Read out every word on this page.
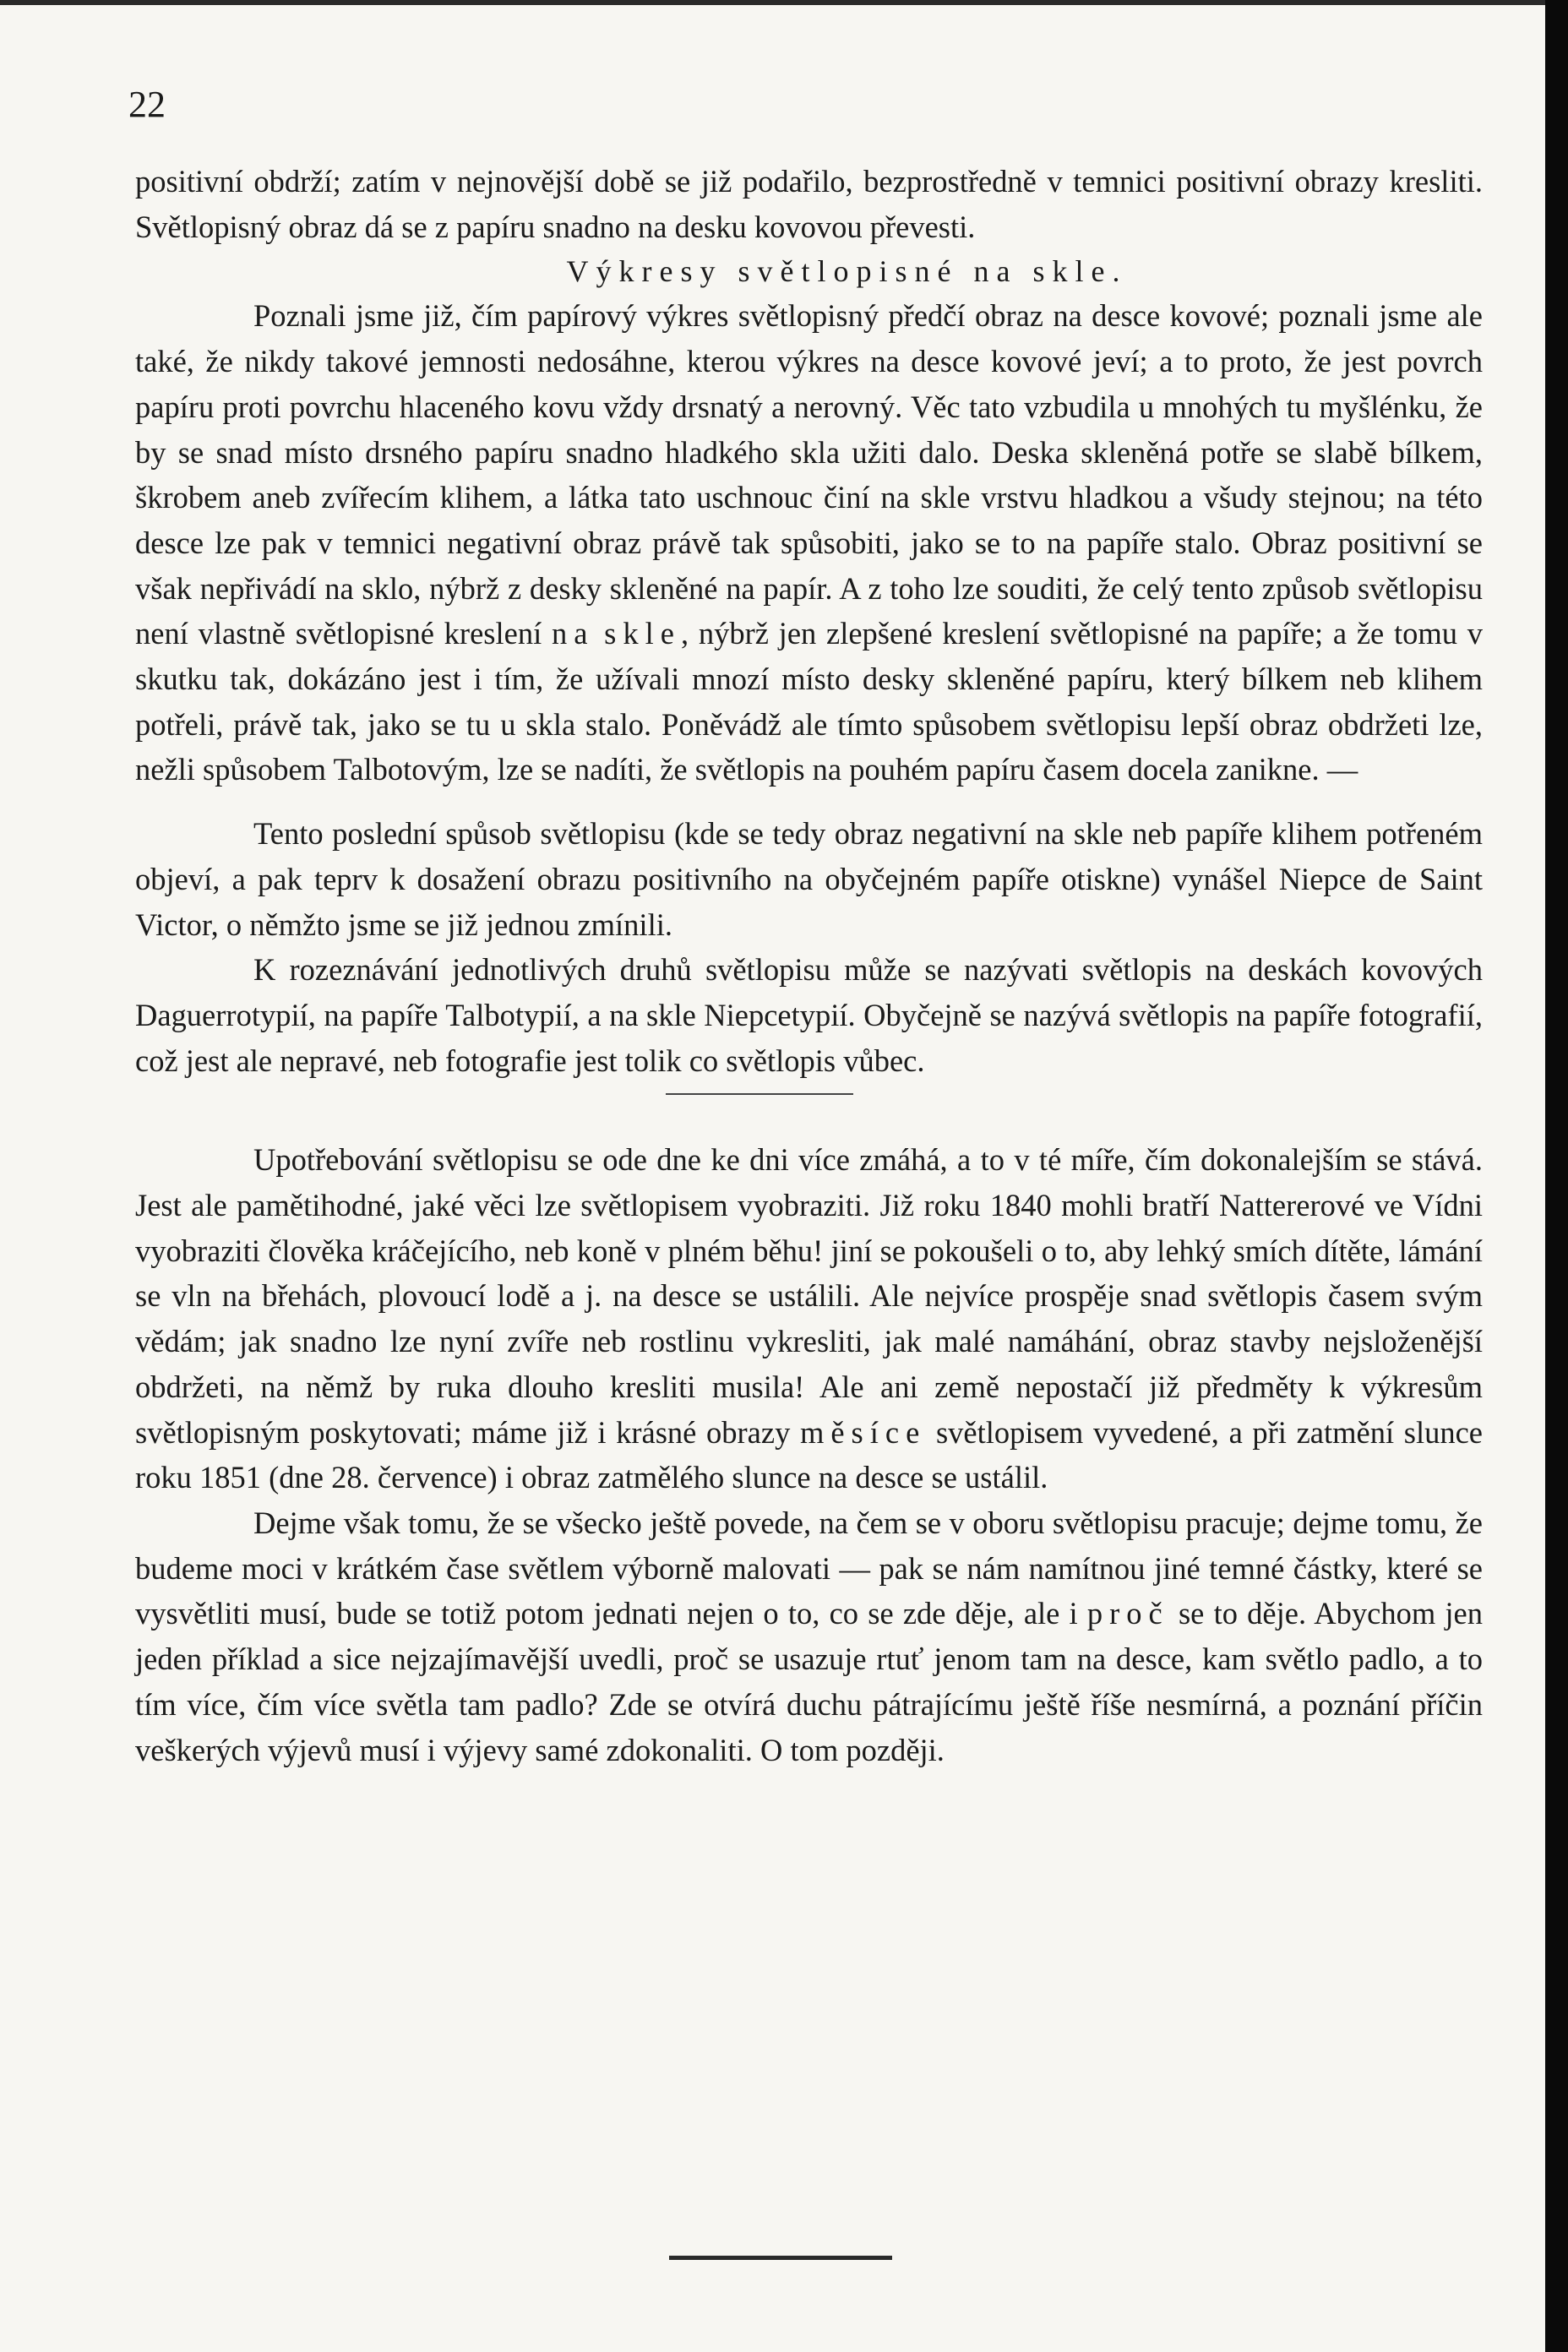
22

positivní obdrží; zatím v nejnovější době se již podařilo, bezprostředně v temnici positivní obrazy kresliti. Světlopisný obraz dá se z papíru snadno na desku kovovou převesti.

Výkresy světlopisné na skle.

Poznali jsme již, čím papírový výkres světlopisný předčí obraz na desce kovové; poznali jsme ale také, že nikdy takové jemnosti nedosáhne, kterou výkres na desce kovové jeví; a to proto, že jest povrch papíru proti povrchu hlaceného kovu vždy drsnatý a nerovný. Věc tato vzbudila u mnohých tu myšlénku, že by se snad místo drsného papíru snadno hladkého skla užiti dalo. Deska skleněná potře se slabě bílkem, škrobem aneb zvířecím klihem, a látka tato uschnouc činí na skle vrstvu hladkou a všudy stejnou; na této desce lze pak v temnici negativní obraz právě tak spůsobiti, jako se to na papíře stalo. Obraz positivní se však nepřivádí na sklo, nýbrž z desky skleněné na papír. A z toho lze souditi, že celý tento způsob světlopisu není vlastně světlopisné kreslení na skle, nýbrž jen zlepšené kreslení světlopisné na papíře; a že tomu v skutku tak, dokázáno jest i tím, že užívali mnozí místo desky skleněné papíru, který bílkem neb klihem potřeli, právě tak, jako se tu u skla stalo. Poněvádž ale tímto spůsobem světlopisu lepší obraz obdržeti lze, nežli spůsobem Talbotovým, lze se nadíti, že světlopis na pouhém papíru časem docela zanikne. —

Tento poslední spůsob světlopisu (kde se tedy obraz negativní na skle neb papíře klihem potřeném objeví, a pak teprv k dosažení obrazu positivního na obyčejném papíře otiskne) vynášel Niepce de Saint Victor, o němžto jsme se již jednou zmínili.

K rozeznávání jednotlivých druhů světlopisu může se nazývati světlopis na deskách kovových Daguerrotypií, na papíře Talbotypií, a na skle Niepcetypií. Obyčejně se nazývá světlopis na papíře fotografií, což jest ale nepravé, neb fotografie jest tolik co světlopis vůbec.

Upotřebování světlopisu se ode dne ke dni více zmáhá, a to v té míře, čím dokonalejším se stává. Jest ale pamětihodné, jaké věci lze světlopisem vyobraziti. Již roku 1840 mohli bratří Nattererové ve Vídni vyobraziti člověka kráčejícího, neb koně v plném běhu! jiní se pokoušeli o to, aby lehký smích dítěte, lámání se vln na břehách, plovoucí lodě a j. na desce se ustálili. Ale nejvíce prospěje snad světlopis časem svým vědám; jak snadno lze nyní zvíře neb rostlinu vykresliti, jak malé namáhání, obraz stavby nejsloženější obdržeti, na němž by ruka dlouho kresliti musila! Ale ani země nepostačí již předměty k výkresům světlopisným poskytovati; máme již i krásné obrazy měsíce světlopisem vyvedené, a při zatmění slunce roku 1851 (dne 28. července) i obraz zatmělého slunce na desce se ustálil.

Dejme však tomu, že se všecko ještě povede, na čem se v oboru světlopisu pracuje; dejme tomu, že budeme moci v krátkém čase světlem výborně malovati — pak se nám namítnou jiné temné částky, které se vysvětliti musí, bude se totiž potom jednati nejen o to, co se zde děje, ale i proč se to děje. Abychom jen jeden příklad a sice nejzajímavější uvedli, proč se usazuje rtuť jenom tam na desce, kam světlo padlo, a to tím více, čím více světla tam padlo? Zde se otvírá duchu pátrajícímu ještě říše nesmírná, a poznání příčin veškerých výjevů musí i výjevy samé zdokonaliti. O tom později.
